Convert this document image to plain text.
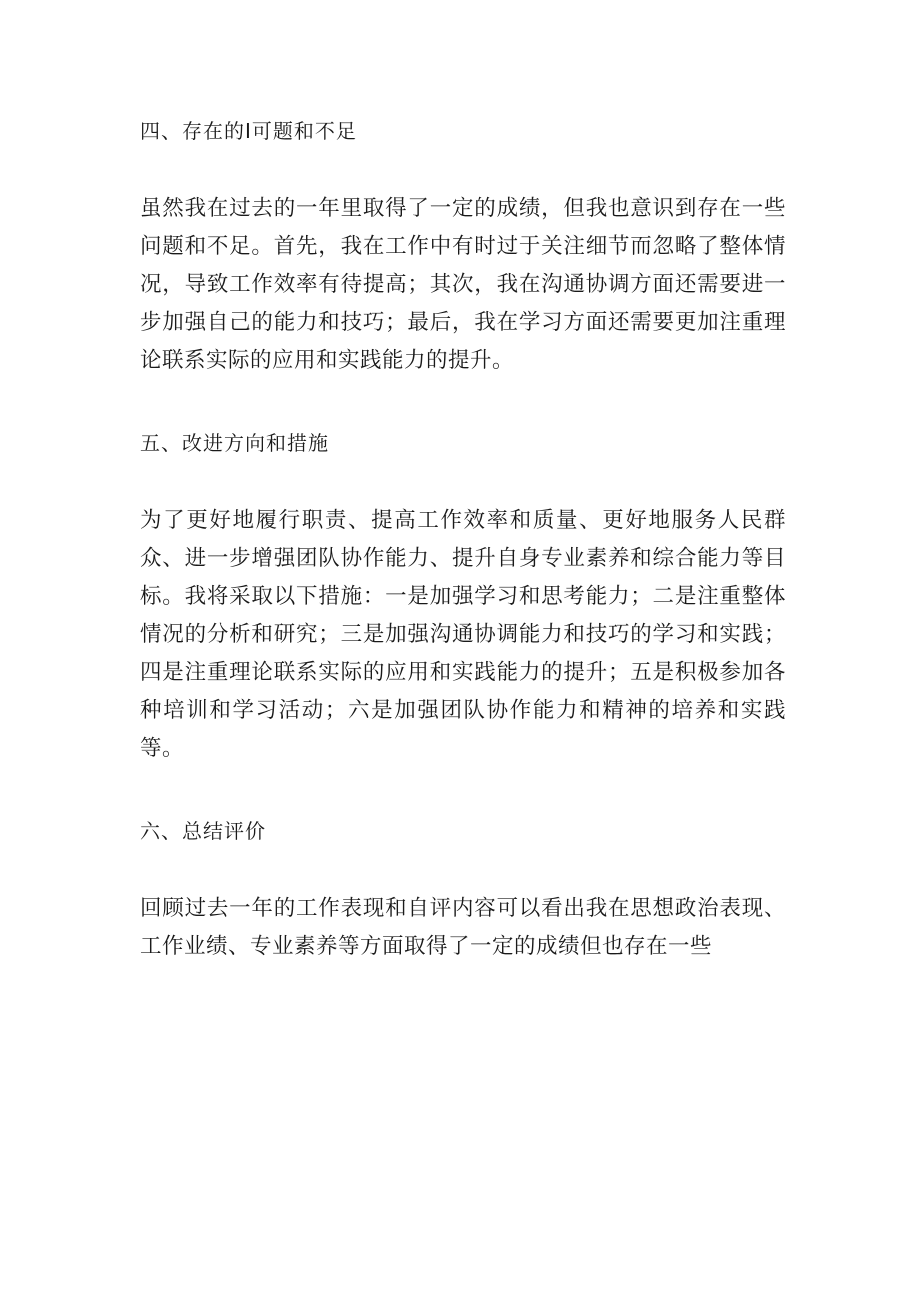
四、存在的I可题和不足

虽然我在过去的一年里取得了一定的成绩，但我也意识到存在一些问题和不足。首先，我在工作中有时过于关注细节而忽略了整体情况，导致工作效率有待提高；其次，我在沟通协调方面还需要进一步加强自己的能力和技巧；最后，我在学习方面还需要更加注重理论联系实际的应用和实践能力的提升。

五、改进方向和措施

为了更好地履行职责、提高工作效率和质量、更好地服务人民群众、进一步增强团队协作能力、提升自身专业素养和综合能力等目标。我将采取以下措施：一是加强学习和思考能力；二是注重整体情况的分析和研究；三是加强沟通协调能力和技巧的学习和实践；四是注重理论联系实际的应用和实践能力的提升；五是积极参加各种培训和学习活动；六是加强团队协作能力和精神的培养和实践等。

六、总结评价

回顾过去一年的工作表现和自评内容可以看出我在思想政治表现、工作业绩、专业素养等方面取得了一定的成绩但也存在一些
